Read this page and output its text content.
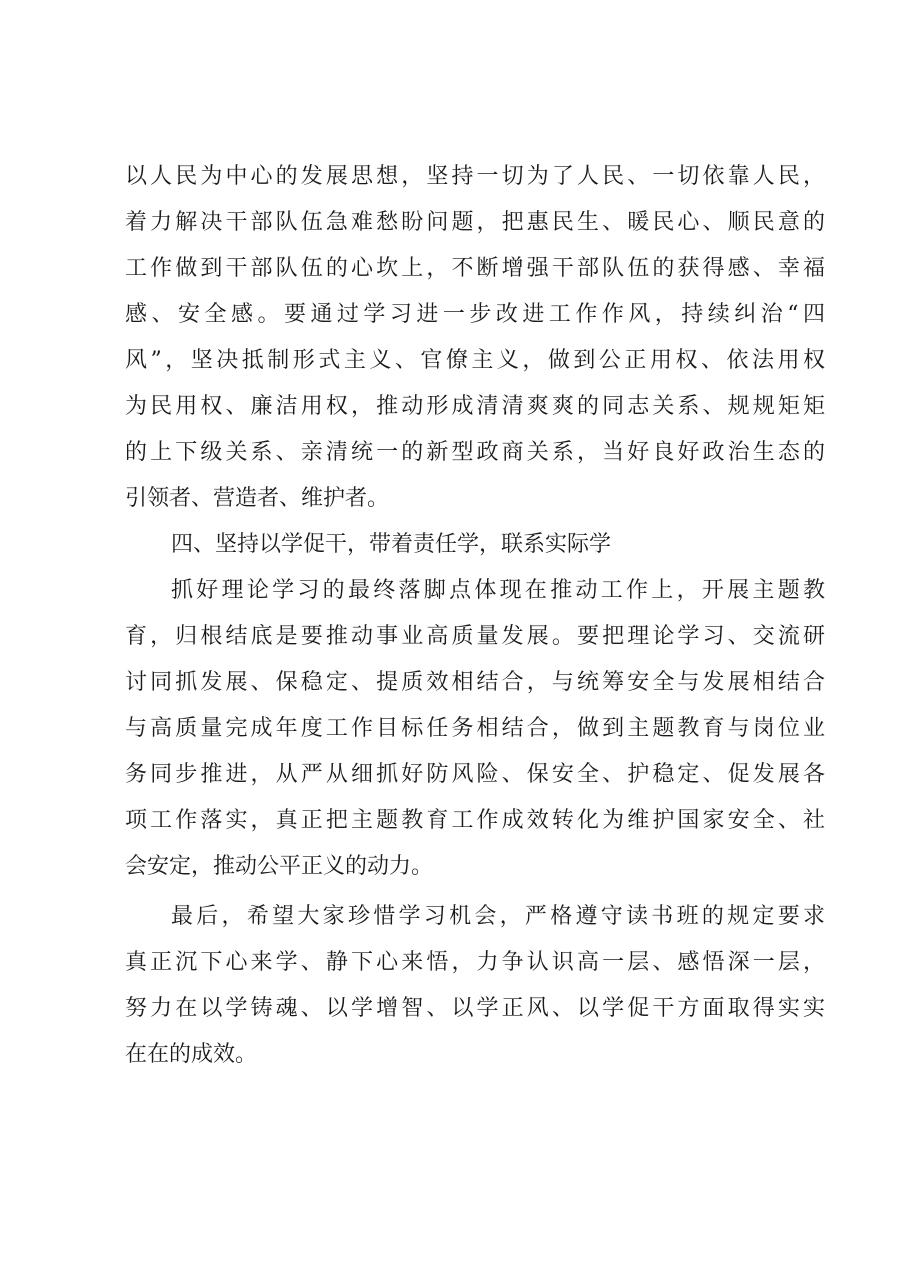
以人民为中心的发展思想，坚持一切为了人民、一切依靠人民，
着力解决干部队伍急难愁盼问题，把惠民生、暖民心、顺民意的
工作做到干部队伍的心坎上，不断增强干部队伍的获得感、幸福
感、安全感。要通过学习进一步改进工作作风，持续纠治“四
风”，坚决抵制形式主义、官僚主义，做到公正用权、依法用权
为民用权、廉洁用权，推动形成清清爽爽的同志关系、规规矩矩
的上下级关系、亲清统一的新型政商关系，当好良好政治生态的
引领者、营造者、维护者。
四、坚持以学促干，带着责任学，联系实际学
抓好理论学习的最终落脚点体现在推动工作上，开展主题教
育，归根结底是要推动事业高质量发展。要把理论学习、交流研
讨同抓发展、保稳定、提质效相结合，与统筹安全与发展相结合
与高质量完成年度工作目标任务相结合，做到主题教育与岗位业
务同步推进，从严从细抓好防风险、保安全、护稳定、促发展各
项工作落实，真正把主题教育工作成效转化为维护国家安全、社
会安定，推动公平正义的动力。
最后，希望大家珍惜学习机会，严格遵守读书班的规定要求
真正沉下心来学、静下心来悟，力争认识高一层、感悟深一层，
努力在以学铸魂、以学增智、以学正风、以学促干方面取得实实
在在的成效。
